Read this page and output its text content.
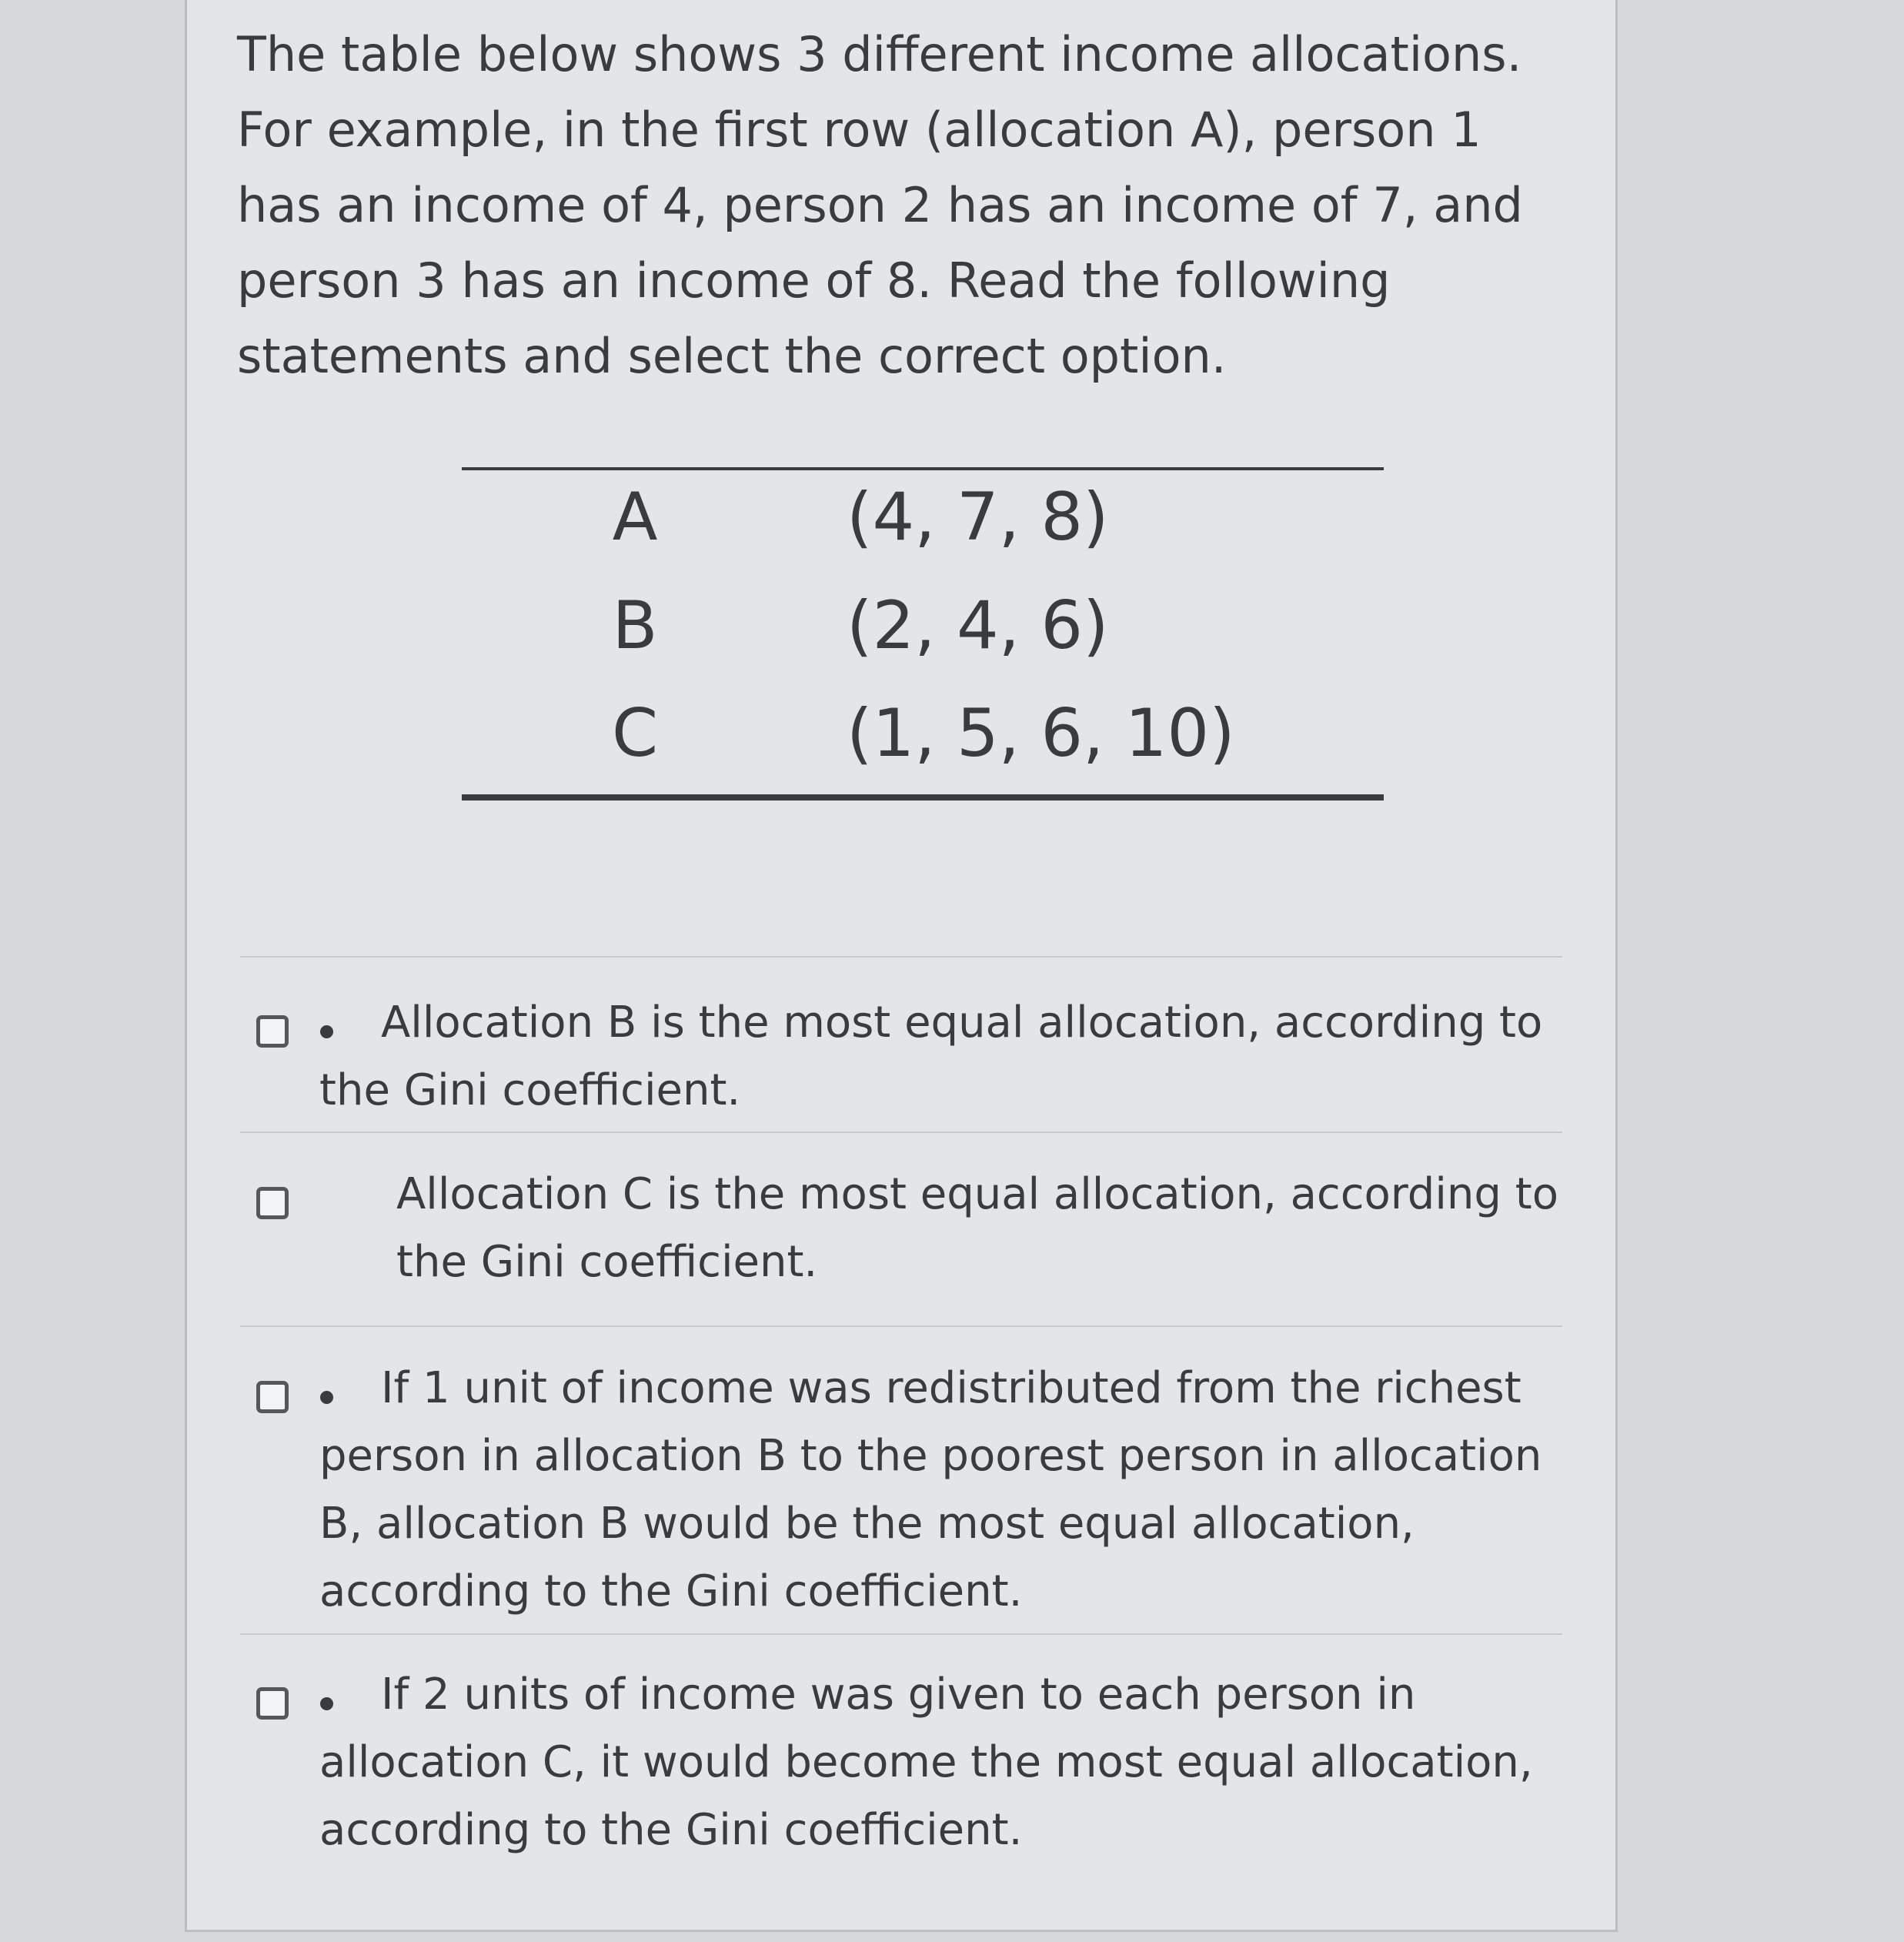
The table below shows 3 different income allocations. For example, in the first row (allocation A), person 1 has an income of 4, person 2 has an income of 7, and person 3 has an income of 8. Read the following statements and select the correct option.

A	(4, 7, 8)
B	(2, 4, 6)
C	(1, 5, 6, 10)

Allocation B is the most equal allocation, according to the Gini coefficient.

Allocation C is the most equal allocation, according to the Gini coefficient.

If 1 unit of income was redistributed from the richest person in allocation B to the poorest person in allocation B, allocation B would be the most equal allocation, according to the Gini coefficient.

If 2 units of income was given to each person in allocation C, it would become the most equal allocation, according to the Gini coefficient.
